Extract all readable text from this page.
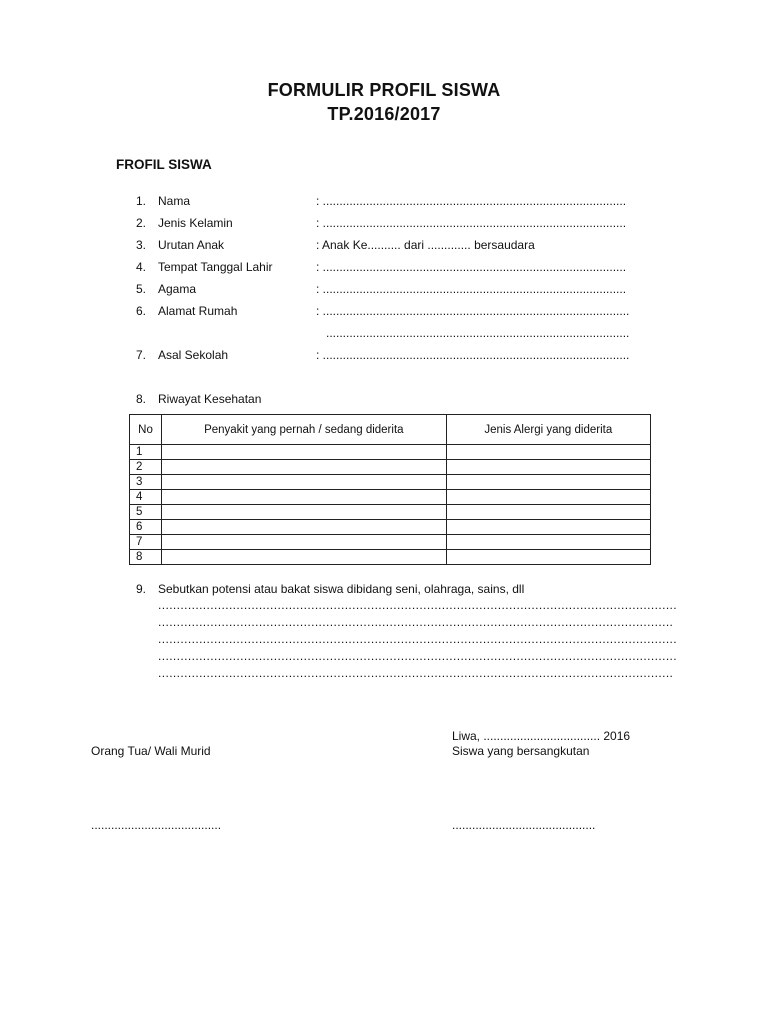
FORMULIR PROFIL SISWA
TP.2016/2017
FROFIL SISWA
1. Nama	: ...........................................................................................
2. Jenis Kelamin	: ...........................................................................................
3. Urutan Anak	: Anak Ke.......... dari ............. bersaudara
4. Tempat Tanggal Lahir	: ...........................................................................................
5. Agama	: ...........................................................................................
6. Alamat Rumah	: ............................................................................................
...........................................................................................
7. Asal Sekolah	: ............................................................................................
8. Riwayat Kesehatan
No	Penyakit yang pernah / sedang diderita	Jenis Alergi yang diderita
1		
2		
3		
4		
5		
6		
7		
8		
9. Sebutkan potensi atau bakat siswa dibidang seni, olahraga, sains, dll
...........................................................................................................................................
..........................................................................................................................................
...........................................................................................................................................
...........................................................................................................................................
..........................................................................................................................................
Liwa, ................................... 2016
Orang Tua/ Wali Murid	Siswa yang bersangkutan
.......................................	...........................................
